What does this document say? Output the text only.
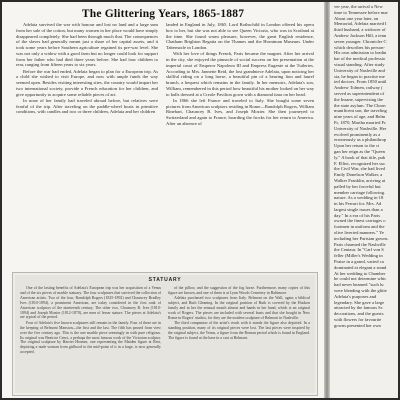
The Glittering Years, 1865-1887

Adelaia survived the war with honour and lost no land and a large sum from her sale of the cotton, but many women in her place would have simply disappeared completely. She had been through much that. The consequences of the slaves had generally meant just a share of her capital assets, and it took some years before Southern agriculture regained its pre-war level. She was not only a widow with a good farm but no longer could look for support from her father who had died three years before. She had four children to rear, ranging from fifteen years to six years.

Before the war had ended, Adelaia began to plan for a European trip. As a child she wished to visit Europe, and now with ample funds the way seemed open. Besides visiting interesting sites, the country would impart her two international society, provide a French education for her children, and give opportunity to acquire some reliable pieces of art.

In none of her family had traveled abroad before, but relatives were fearful of the trip. After traveling on the paddle-wheel boats in primitive conditions, with candles and two or three children, Adelaia and her children

landed in England in July, 1865. Lord Rothschild in London offered his opera box to her, but she was not able to see Queen Victoria, who was in Scotland at the time. She found warm pleasure, however, the great English residence, Chatham Brighton Regatta on the Thames and the Horniman Museum. Under Tabernacle in London.

With her love of things French, Paris became the magnet. After her arrival in the city, she enjoyed the pinnacle of social success on her presentation at the imperial court of Emperor Napoleon III and Empress Eugenie at the Tuileries. According to Mrs. Jannette Reid, the lost grandniece Adelaia, upon noticing her skillful riding on a long horse, a beautiful pin of a bearing lion and laurel branch, a bequest which remains in the family. In her memoirs, Adelaia's son, William, remembered in this period how beautiful his mother looked on her way to balls dressed at a Creole Pavilion gown with a diamond tiara on her head.

In 1866 she left France and traveled to Italy. She bought some seven pictures from American sculptors residing in Rome—Randolph Rogers, William Rinehart, Chauncey B. Ives, and Joseph Mozier. She then journeyed to Switzerland and again to France, boarding the frocks for her return to America. After an absence of

STATUARY

One of the lasting benefits of Adelaia's European trip was her acquisition of a Venus and of the six pieces of marble statuary. The four sculptures that survived the collection of American artists. Two of the four, Randolph Rogers (1825-1892) and Chauncey Bradley Ives (1810-1894), a prominent American, are today considered in the first rank of American sculptors of the nineteenth century. The other two, Chauncey B. Ives (1810-1894) and Joseph Mozier (1812-1870), are men of lesser stature. The pieces at Adelaia's are typical of the period.

Four of Adelaia's five known sculptures still remain in the family. Four of these are in the keeping of Belmont Mansion—the first and the last. The fifth has passed from view over the five century ago. This is the one marble piece seemingly in with pure religious. Its original was Beatrice Cenci, a perhaps the most famous work of the Victorian sculptor. The original sculpture by Harriet Hosmer, one representing the Maiden figure at Rest, depicting a nude woman from girlhood to the mid-point of it in a large, is now generally accepted.

of the pillow, and the suggestion of the fog horse. Furthermore, many copies of this figure are known, and one of them is at Lynn Woods Cemetery in Baltimore.

Adelaia purchased two sculptures from Italy. Belmont on the Wall, again a biblical subject, and Ruth Gleaning. In the original position of Ruth is covered by the Hudson family and in her the sensual mouth almost and hands in her hand, which is an original work of Rogers. The pieces are included with several busts and that she bought in New Rome in Rogers' studios, for they are the modern sculpture of Belmont in Nashville.

The third companion of the artist's reach with it stands the figure also depicted. In a standing position, many of its original pieces were lost. The last pieces were inspired by the original subject, the Venus, a figure from the Roman period which is found in England. The figure is found at the base in a cast at Belmont.

ver year, the arrival a New
time to Tennessee before mar
About one year later, on
Memorial, Adelaia married I
third husband, a widower of
Andrew Jackson Hill, a tenn
seven younger. Chronicler C
which describes his person-
His own admission to leadin
bar of the medical professio
visual standing. After study
University of Nashville and
sia, he began to practise me
ied doctors. From 1850 until
Andrew Tolmen, railway (
served as superintendent of
the Insane, supervising the
the state asylum. The Chron
munificent son, the traveling
nine years of age, and Belm
Fr, 1870, Martha married Fr.
University of Nashville. Her
evolved prominently as a
erroneously as a philanthrop
Upon her return to the ci
gan her reign as the "Queen
ly." A book of that title, pub
F. Elliot, recognized her suc
the Civil War, she had lived
Emily Donelson Walker, a
Walker Franklin, arriving at
palled by her forceful but
member carriage following.
nature. As a wedding in 18
in his Ferrari for. Mrs. Ad
largest single issues than a
day." In a era of his Paris
owned the finest carriages o
footmen in uniform and the
olive liveried manners." Ye
including her Parisian gowns.
Paris charmed the Nashville
the Centaur. In "Carl von S
feller (Miller's Wedding in
Praise in a grand, varied ca
dominated at elegant a stand
At her wedding to Chamber
he could not determine whic
had never beamed "such lu
were blending with the glitte
Adelaia's purposes and
legendary. She gave a large
attracted by the famous Sc
decorations, and the guests
with flowers for favourite
gowns presented her own
